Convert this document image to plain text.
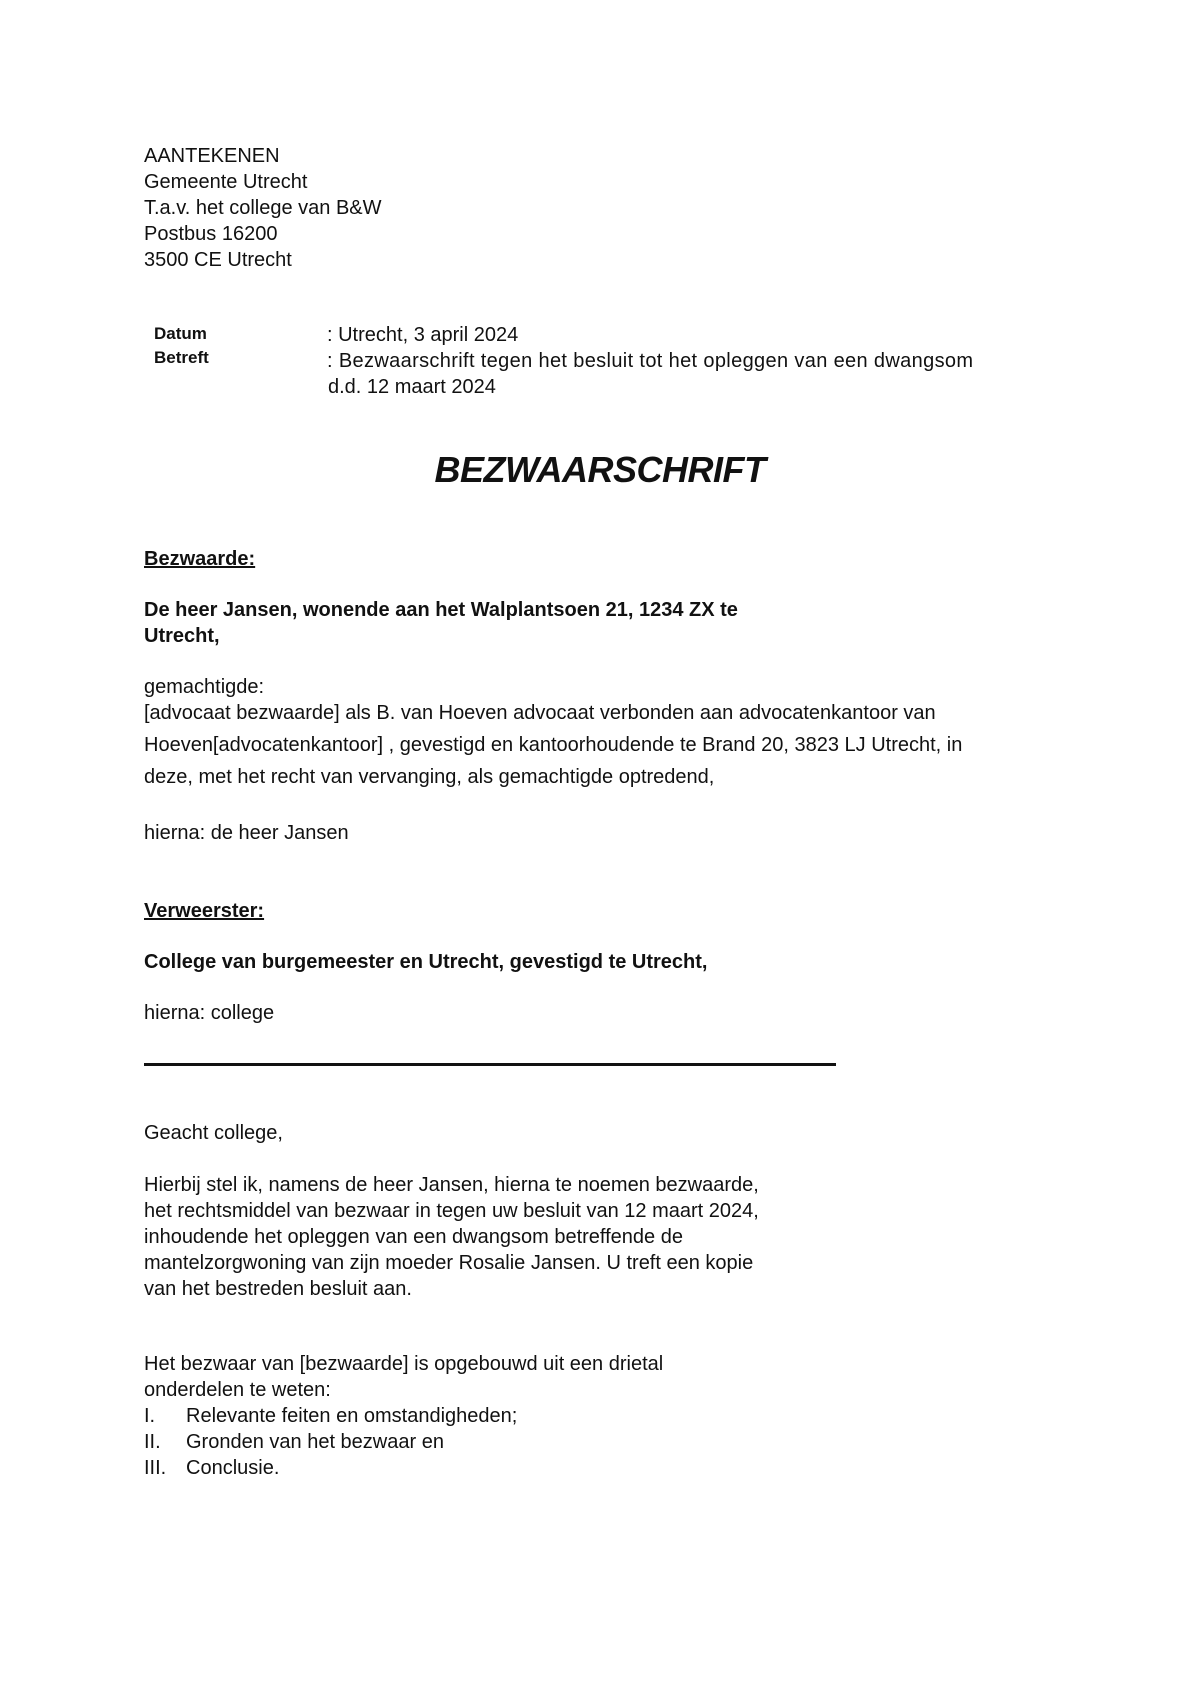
AANTEKENEN
Gemeente Utrecht
T.a.v. het college van B&W
Postbus 16200
3500 CE Utrecht
Datum
Betreft
: Utrecht, 3 april 2024
: Bezwaarschrift tegen het besluit tot het opleggen van een dwangsom
d.d. 12 maart 2024
BEZWAARSCHRIFT
Bezwaarde:
De heer Jansen, wonende aan het Walplantsoen 21, 1234 ZX te
Utrecht,
gemachtigde:
[advocaat bezwaarde] als B. van Hoeven advocaat verbonden aan advocatenkantoor van
Hoeven[advocatenkantoor] , gevestigd en kantoorhoudende te Brand 20, 3823 LJ Utrecht, in
deze, met het recht van vervanging, als gemachtigde optredend,
hierna: de heer Jansen
Verweerster:
College van burgemeester en Utrecht, gevestigd te Utrecht,
hierna: college
Geacht college,
Hierbij stel ik, namens de heer Jansen, hierna te noemen bezwaarde,
het rechtsmiddel van bezwaar in tegen uw besluit van 12 maart 2024,
inhoudende het opleggen van een dwangsom betreffende de
mantelzorgwoning van zijn moeder Rosalie Jansen. U treft een kopie
van het bestreden besluit aan.
Het bezwaar van [bezwaarde] is opgebouwd uit een drietal
onderdelen te weten:
I. Relevante feiten en omstandigheden;
II. Gronden van het bezwaar en
III. Conclusie.
